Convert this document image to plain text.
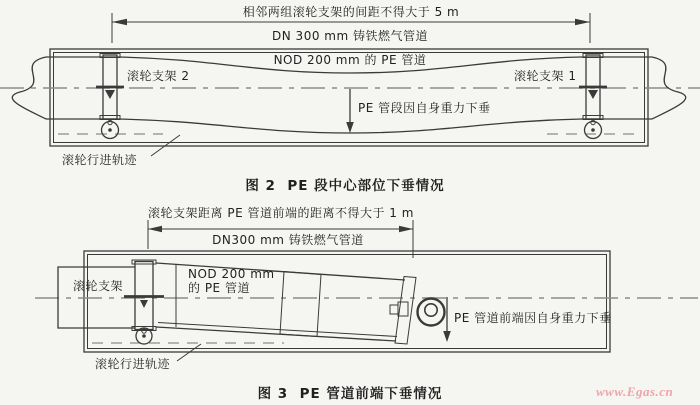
相邻两组滚轮支架的间距不得大于 5 m
DN 300 mm 铸铁燃气管道
NOD 200 mm 的 PE 管道
滚轮支架 2	滚轮支架 1
PE 管段因自身重力下垂
滚轮行进轨迹
图 2  PE 段中心部位下垂情况
滚轮支架距离 PE 管道前端的距离不得大于 1 m
DN300 mm 铸铁燃气管道
滚轮支架
NOD 200 mm
的 PE 管道
PE 管道前端因自身重力下垂
滚轮行进轨迹
图 3  PE 管道前端下垂情况	www.Egas.cn
